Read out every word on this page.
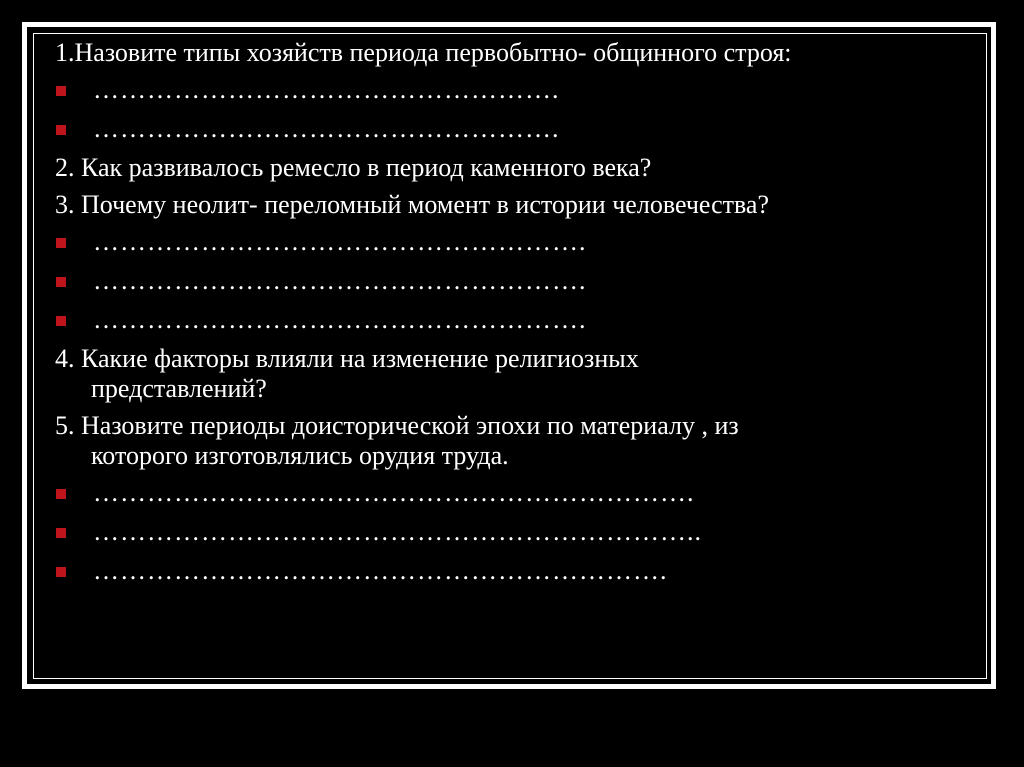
1.Назовите типы хозяйств периода первобытно- общинного строя:
…………………………………………….
…………………………………………….
2. Как развивалось ремесло в период каменного века?
3. Почему неолит- переломный момент в истории человечества?
……………………………………………….
……………………………………………….
……………………………………………….
4. Какие факторы влияли на изменение религиозных
представлений?
5. Назовите периоды доисторической эпохи по материалу , из
которого изготовлялись орудия труда.
………………………………………………………….
…………………………………………………………..
……………………………………………………….
